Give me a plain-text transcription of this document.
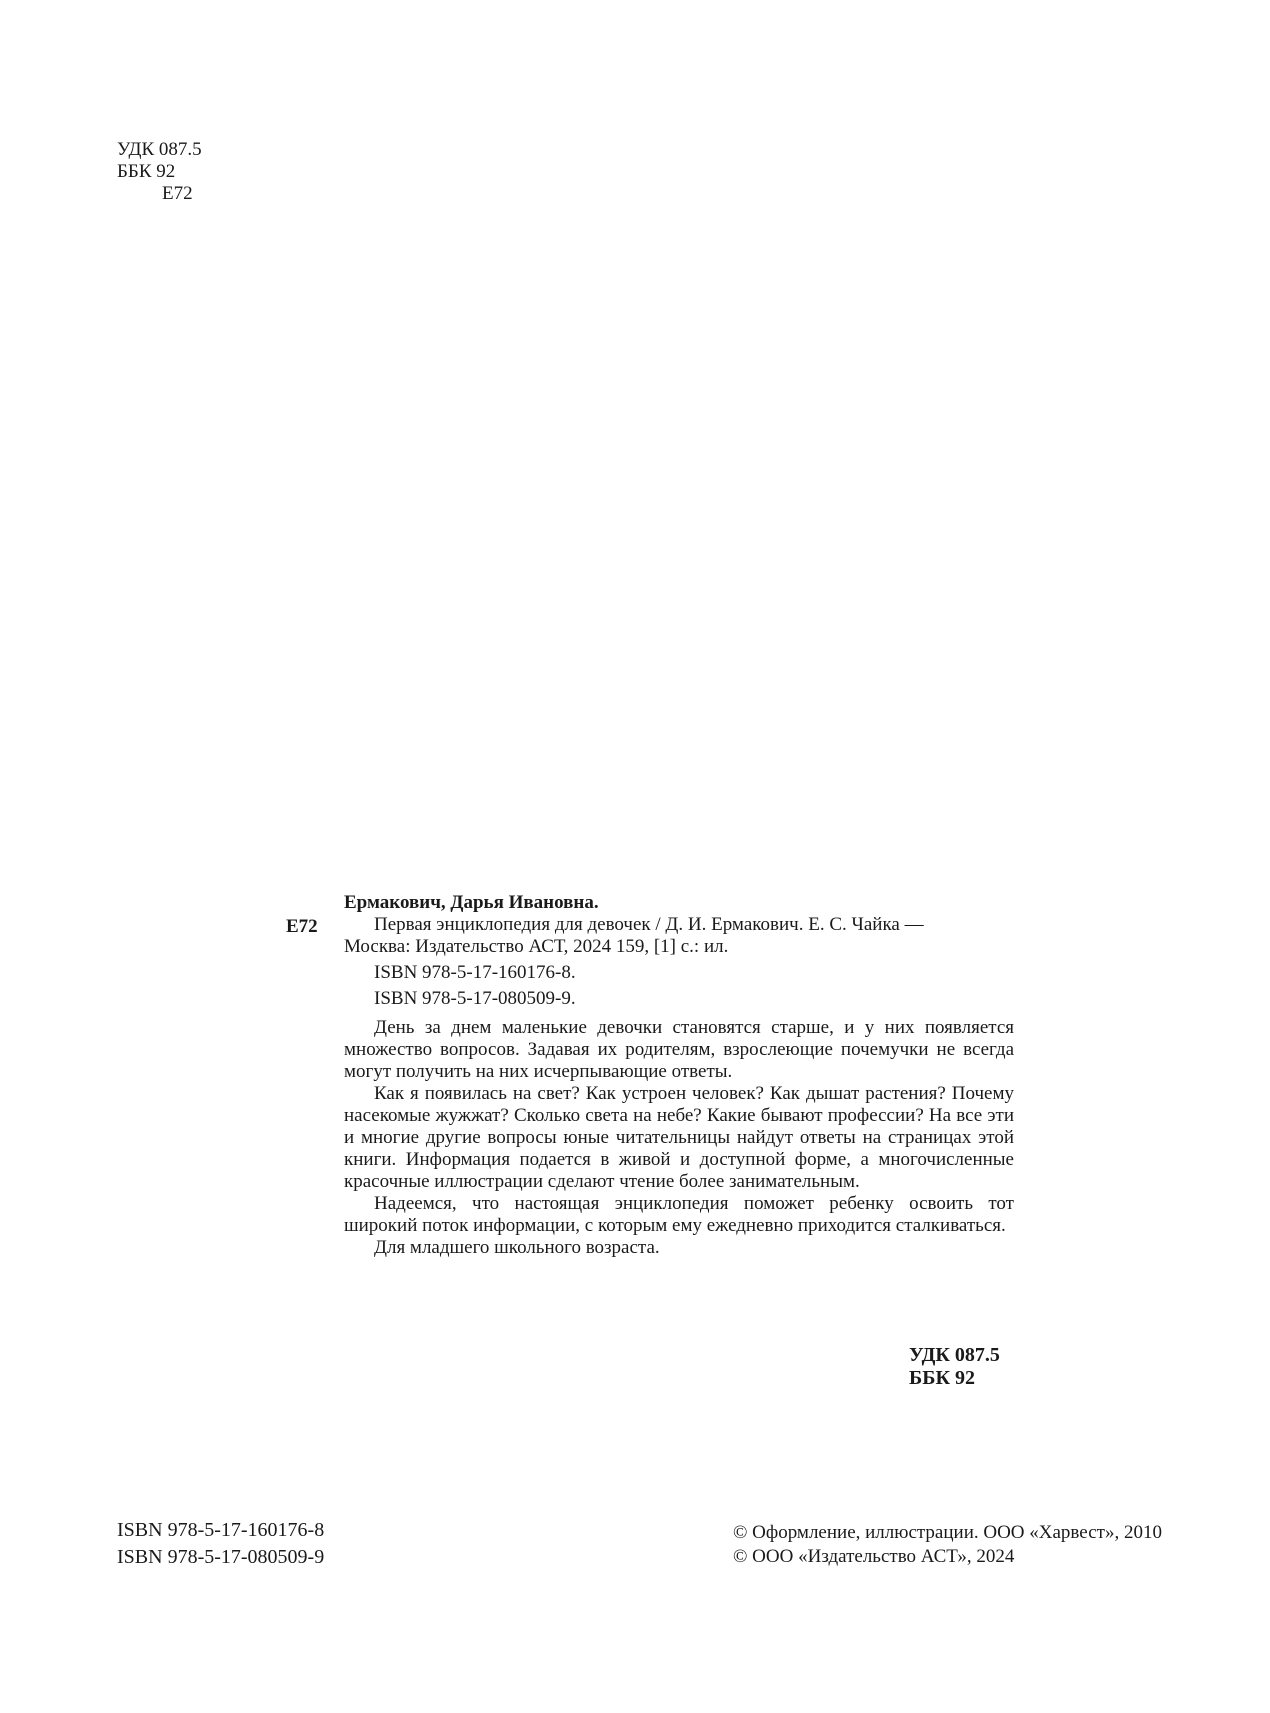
УДК 087.5
ББК 92
Е72
Е72
Ермакович, Дарья Ивановна.
Первая энциклопедия для девочек / Д. И. Ермакович. Е. С. Чайка —
Москва: Издательство АСТ, 2024 159, [1] с.: ил.
ISBN 978-5-17-160176-8.
ISBN 978-5-17-080509-9.
День за днем маленькие девочки становятся старше, и у них появляется множество вопросов. Задавая их родителям, взрослеющие почемучки не всегда могут получить на них исчерпывающие ответы.
Как я появилась на свет? Как устроен человек? Как дышат растения? Почему насекомые жужжат? Сколько света на небе? Какие бывают профессии? На все эти и многие другие вопросы юные читательницы найдут ответы на страницах этой книги. Информация подается в живой и доступной форме, а многочисленные красочные иллюстрации сделают чтение более занимательным.
Надеемся, что настоящая энциклопедия поможет ребенку освоить тот широкий поток информации, с которым ему ежедневно приходится сталкиваться.
Для младшего школьного возраста.
УДК 087.5
ББК 92
ISBN 978-5-17-160176-8
ISBN 978-5-17-080509-9
© Оформление, иллюстрации. ООО «Харвест», 2010
© ООО «Издательство АСТ», 2024
